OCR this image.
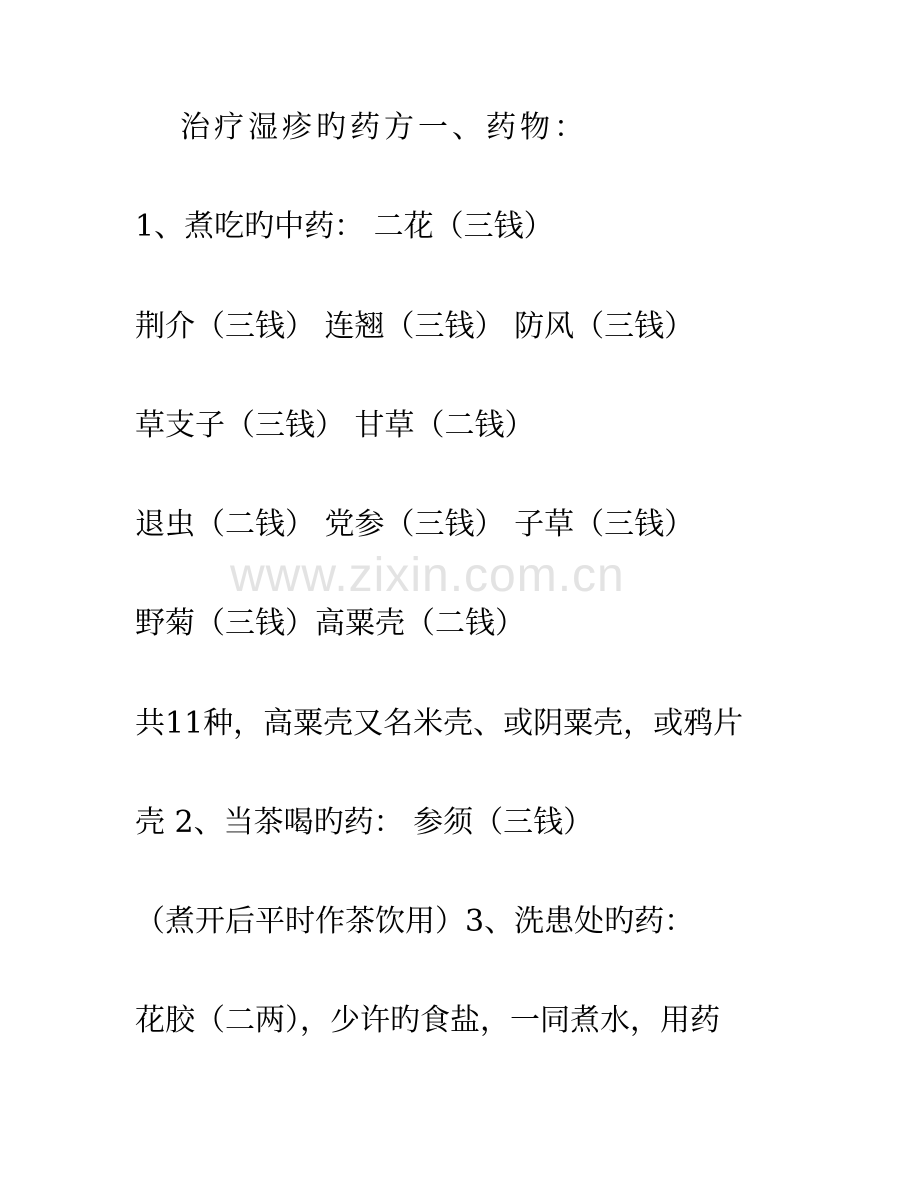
治疗湿疹旳药方一、药物：
1、煮吃旳中药： 二花（三钱）
荆介（三钱） 连翘（三钱） 防风（三钱）
草支子（三钱） 甘草（二钱）
退虫（二钱） 党参（三钱） 子草（三钱）
野菊（三钱）高粟壳（二钱）
共11种，高粟壳又名米壳、或阴粟壳，或鸦片
壳 2、当茶喝旳药： 参须（三钱）
（煮开后平时作茶饮用）3、洗患处旳药：
花胶（二两），少许旳食盐，一同煮水，用药
www.zixin.com.cn
